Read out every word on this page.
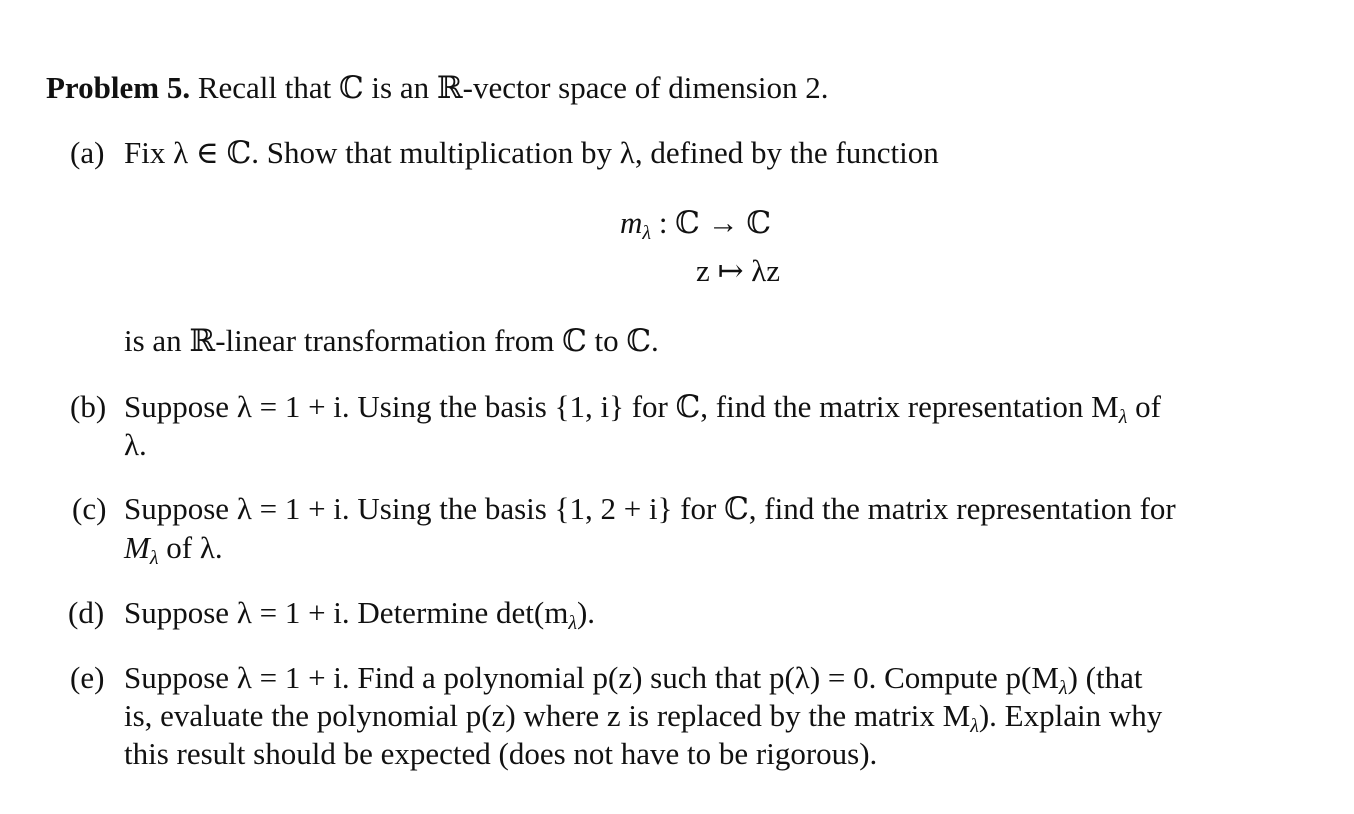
Problem 5. Recall that ℂ is an ℝ-vector space of dimension 2.
(a) Fix λ ∈ ℂ. Show that multiplication by λ, defined by the function
$m_\lambda$ : ℂ → ℂ
z ↦ λz
is an ℝ-linear transformation from ℂ to ℂ.
(b) Suppose λ = 1 + i. Using the basis {1, i} for ℂ, find the matrix representation $M_\lambda$ of
λ.
(c) Suppose λ = 1 + i. Using the basis {1, 2 + i} for ℂ, find the matrix representation for
$M_\lambda$ of λ.
(d) Suppose λ = 1 + i. Determine $\det(m_\lambda)$.
(e) Suppose λ = 1 + i. Find a polynomial p(z) such that p(λ) = 0. Compute $p(M_\lambda)$ (that
is, evaluate the polynomial p(z) where z is replaced by the matrix $M_\lambda$). Explain why
this result should be expected (does not have to be rigorous).
